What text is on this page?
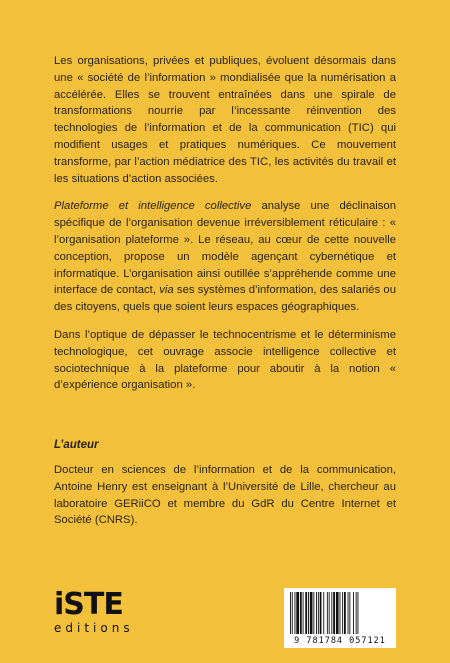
Les organisations, privées et publiques, évoluent désormais dans une « société de l’information » mondialisée que la numérisation a accélérée. Elles se trouvent entraînées dans une spirale de transformations nourrie par l’incessante réinvention des technologies de l’information et de la communication (TIC) qui modifient usages et pratiques numériques. Ce mouvement transforme, par l’action médiatrice des TIC, les activités du travail et les situations d’action associées.

Plateforme et intelligence collective analyse une déclinaison spécifique de l’organisation devenue irréversiblement réticulaire : « l’organisation plateforme ». Le réseau, au cœur de cette nouvelle conception, propose un modèle agençant cybernétique et informatique. L’organisation ainsi outillée s’appréhende comme une interface de contact, via ses systèmes d’information, des salariés ou des citoyens, quels que soient leurs espaces géographiques.

Dans l’optique de dépasser le technocentrisme et le déterminisme technologique, cet ouvrage associe intelligence collective et sociotechnique à la plateforme pour aboutir à la notion « d’expérience organisation ».

L’auteur

Docteur en sciences de l’information et de la communication, Antoine Henry est enseignant à l’Université de Lille, chercheur au laboratoire GERiiCO et membre du GdR du Centre Internet et Société (CNRS).

iSTE
editions
9 781784 057121
